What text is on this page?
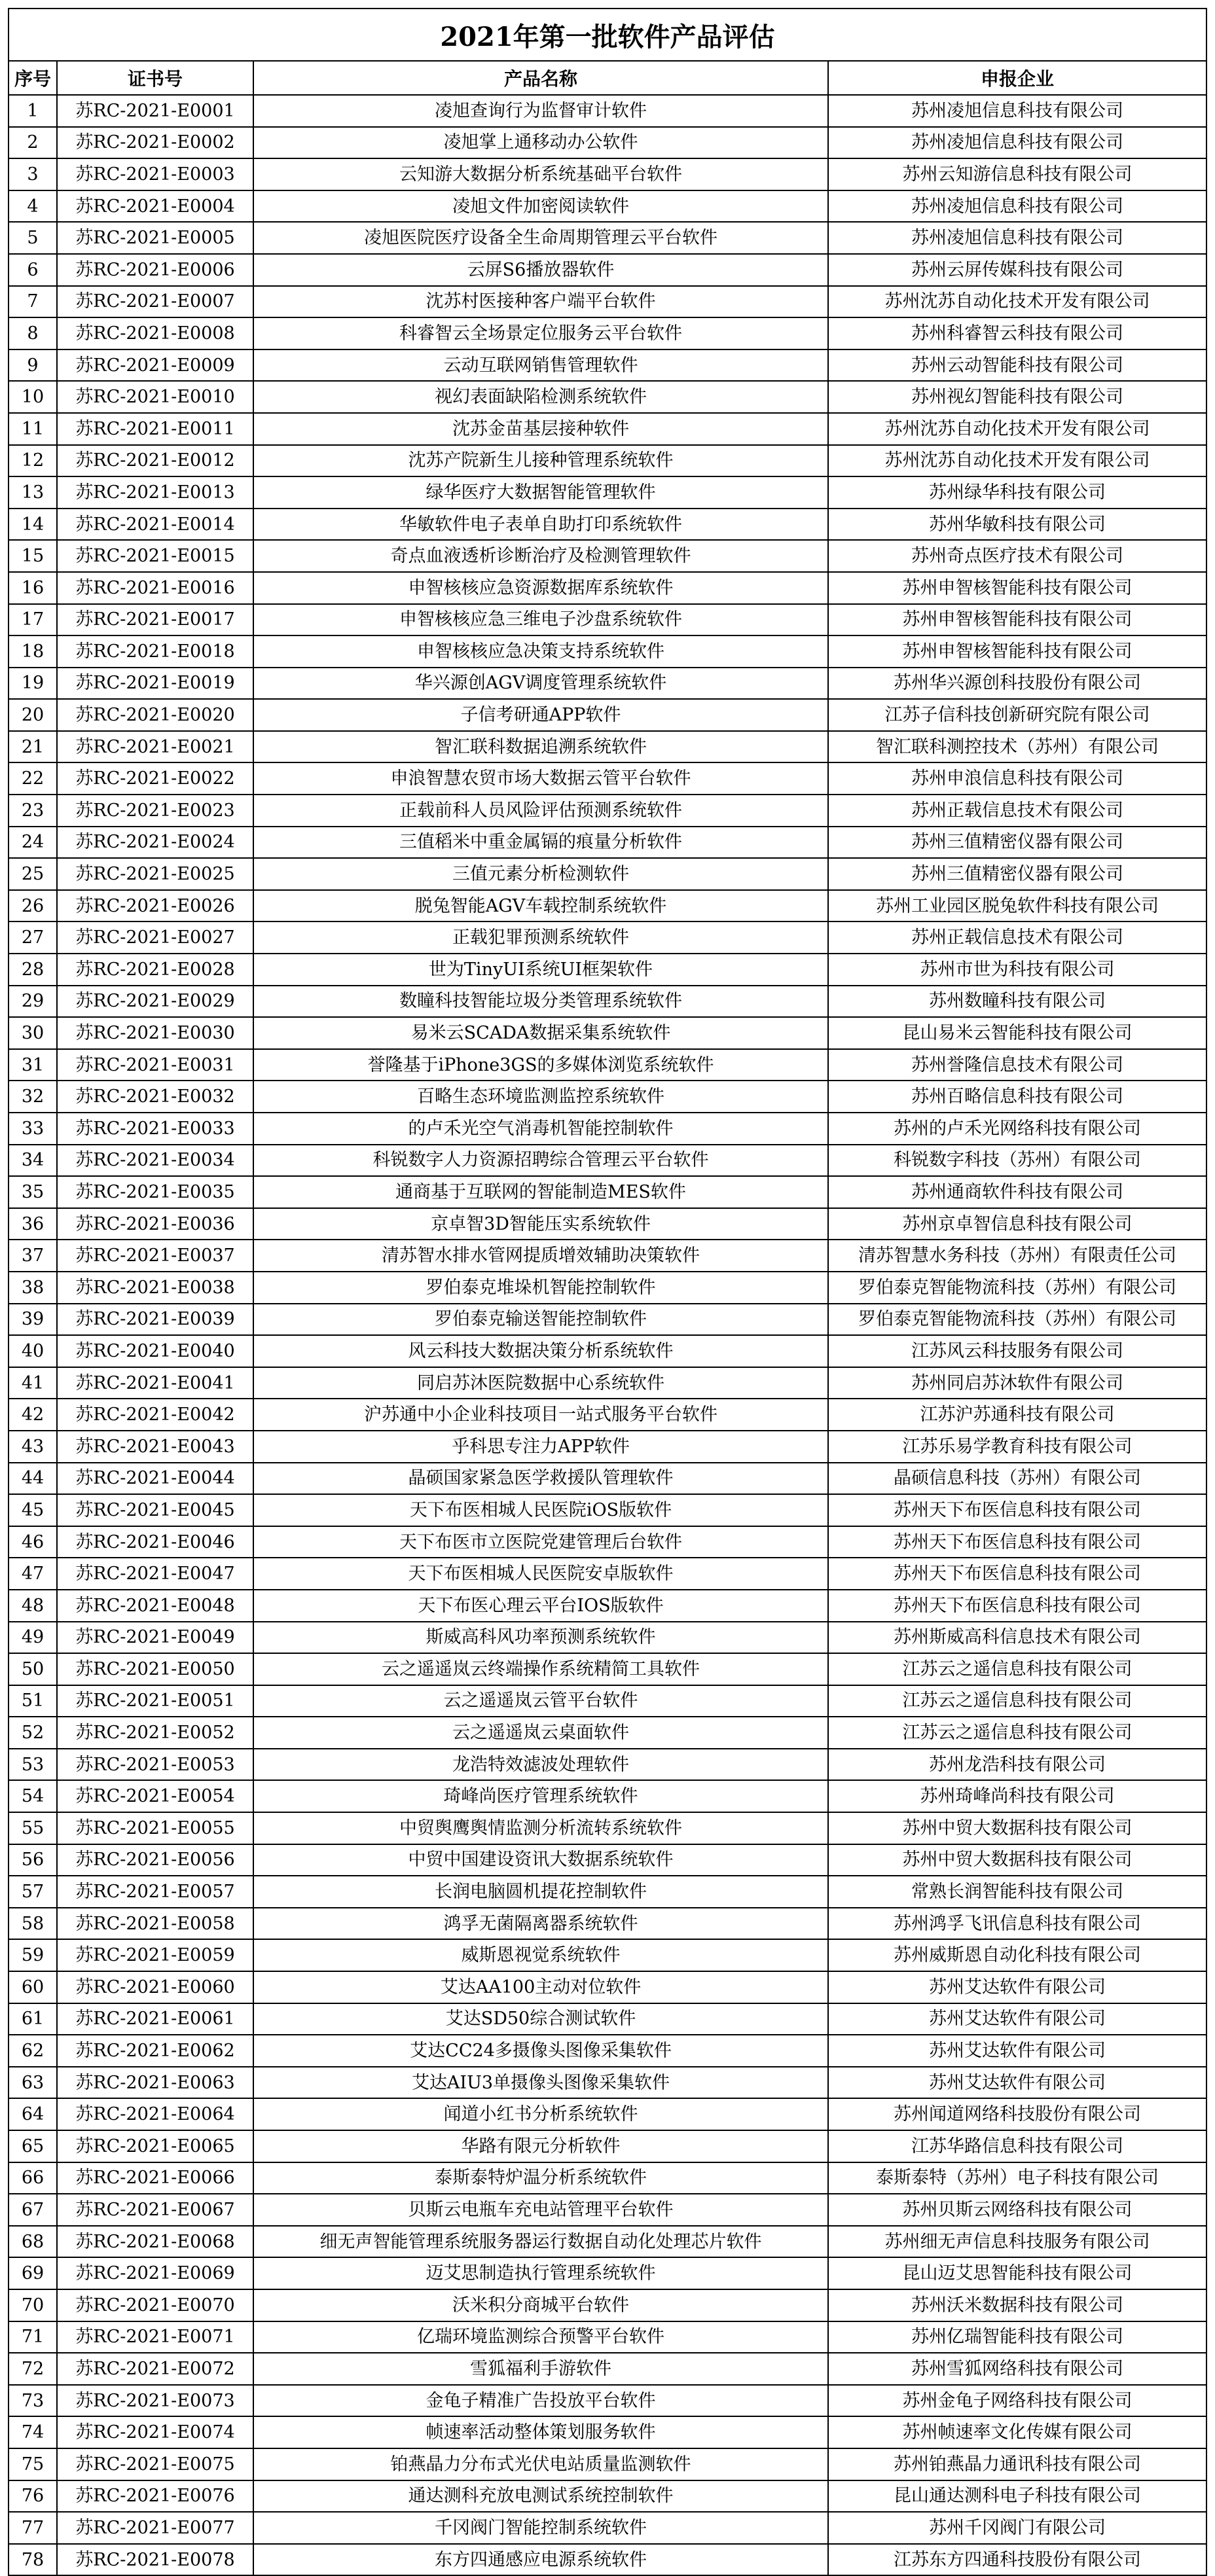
2021年第一批软件产品评估			
序号	证书号	产品名称	申报企业
1	苏RC-2021-E0001	凌旭查询行为监督审计软件	苏州凌旭信息科技有限公司
2	苏RC-2021-E0002	凌旭掌上通移动办公软件	苏州凌旭信息科技有限公司
3	苏RC-2021-E0003	云知游大数据分析系统基础平台软件	苏州云知游信息科技有限公司
4	苏RC-2021-E0004	凌旭文件加密阅读软件	苏州凌旭信息科技有限公司
5	苏RC-2021-E0005	凌旭医院医疗设备全生命周期管理云平台软件	苏州凌旭信息科技有限公司
6	苏RC-2021-E0006	云屏S6播放器软件	苏州云屏传媒科技有限公司
7	苏RC-2021-E0007	沈苏村医接种客户端平台软件	苏州沈苏自动化技术开发有限公司
8	苏RC-2021-E0008	科睿智云全场景定位服务云平台软件	苏州科睿智云科技有限公司
9	苏RC-2021-E0009	云动互联网销售管理软件	苏州云动智能科技有限公司
10	苏RC-2021-E0010	视幻表面缺陷检测系统软件	苏州视幻智能科技有限公司
11	苏RC-2021-E0011	沈苏金苗基层接种软件	苏州沈苏自动化技术开发有限公司
12	苏RC-2021-E0012	沈苏产院新生儿接种管理系统软件	苏州沈苏自动化技术开发有限公司
13	苏RC-2021-E0013	绿华医疗大数据智能管理软件	苏州绿华科技有限公司
14	苏RC-2021-E0014	华敏软件电子表单自助打印系统软件	苏州华敏科技有限公司
15	苏RC-2021-E0015	奇点血液透析诊断治疗及检测管理软件	苏州奇点医疗技术有限公司
16	苏RC-2021-E0016	申智核核应急资源数据库系统软件	苏州申智核智能科技有限公司
17	苏RC-2021-E0017	申智核核应急三维电子沙盘系统软件	苏州申智核智能科技有限公司
18	苏RC-2021-E0018	申智核核应急决策支持系统软件	苏州申智核智能科技有限公司
19	苏RC-2021-E0019	华兴源创AGV调度管理系统软件	苏州华兴源创科技股份有限公司
20	苏RC-2021-E0020	子信考研通APP软件	江苏子信科技创新研究院有限公司
21	苏RC-2021-E0021	智汇联科数据追溯系统软件	智汇联科测控技术（苏州）有限公司
22	苏RC-2021-E0022	申浪智慧农贸市场大数据云管平台软件	苏州申浪信息科技有限公司
23	苏RC-2021-E0023	正载前科人员风险评估预测系统软件	苏州正载信息技术有限公司
24	苏RC-2021-E0024	三值稻米中重金属镉的痕量分析软件	苏州三值精密仪器有限公司
25	苏RC-2021-E0025	三值元素分析检测软件	苏州三值精密仪器有限公司
26	苏RC-2021-E0026	脱兔智能AGV车载控制系统软件	苏州工业园区脱兔软件科技有限公司
27	苏RC-2021-E0027	正载犯罪预测系统软件	苏州正载信息技术有限公司
28	苏RC-2021-E0028	世为TinyUI系统UI框架软件	苏州市世为科技有限公司
29	苏RC-2021-E0029	数瞳科技智能垃圾分类管理系统软件	苏州数瞳科技有限公司
30	苏RC-2021-E0030	易米云SCADA数据采集系统软件	昆山易米云智能科技有限公司
31	苏RC-2021-E0031	誉隆基于iPhone3GS的多媒体浏览系统软件	苏州誉隆信息技术有限公司
32	苏RC-2021-E0032	百略生态环境监测监控系统软件	苏州百略信息科技有限公司
33	苏RC-2021-E0033	的卢禾光空气消毒机智能控制软件	苏州的卢禾光网络科技有限公司
34	苏RC-2021-E0034	科锐数字人力资源招聘综合管理云平台软件	科锐数字科技（苏州）有限公司
35	苏RC-2021-E0035	通商基于互联网的智能制造MES软件	苏州通商软件科技有限公司
36	苏RC-2021-E0036	京卓智3D智能压实系统软件	苏州京卓智信息科技有限公司
37	苏RC-2021-E0037	清苏智水排水管网提质增效辅助决策软件	清苏智慧水务科技（苏州）有限责任公司
38	苏RC-2021-E0038	罗伯泰克堆垛机智能控制软件	罗伯泰克智能物流科技（苏州）有限公司
39	苏RC-2021-E0039	罗伯泰克输送智能控制软件	罗伯泰克智能物流科技（苏州）有限公司
40	苏RC-2021-E0040	风云科技大数据决策分析系统软件	江苏风云科技服务有限公司
41	苏RC-2021-E0041	同启苏沐医院数据中心系统软件	苏州同启苏沐软件有限公司
42	苏RC-2021-E0042	沪苏通中小企业科技项目一站式服务平台软件	江苏沪苏通科技有限公司
43	苏RC-2021-E0043	乎科思专注力APP软件	江苏乐易学教育科技有限公司
44	苏RC-2021-E0044	晶硕国家紧急医学救援队管理软件	晶硕信息科技（苏州）有限公司
45	苏RC-2021-E0045	天下布医相城人民医院iOS版软件	苏州天下布医信息科技有限公司
46	苏RC-2021-E0046	天下布医市立医院党建管理后台软件	苏州天下布医信息科技有限公司
47	苏RC-2021-E0047	天下布医相城人民医院安卓版软件	苏州天下布医信息科技有限公司
48	苏RC-2021-E0048	天下布医心理云平台IOS版软件	苏州天下布医信息科技有限公司
49	苏RC-2021-E0049	斯威高科风功率预测系统软件	苏州斯威高科信息技术有限公司
50	苏RC-2021-E0050	云之遥遥岚云终端操作系统精简工具软件	江苏云之遥信息科技有限公司
51	苏RC-2021-E0051	云之遥遥岚云管平台软件	江苏云之遥信息科技有限公司
52	苏RC-2021-E0052	云之遥遥岚云桌面软件	江苏云之遥信息科技有限公司
53	苏RC-2021-E0053	龙浩特效滤波处理软件	苏州龙浩科技有限公司
54	苏RC-2021-E0054	琦峰尚医疗管理系统软件	苏州琦峰尚科技有限公司
55	苏RC-2021-E0055	中贸舆鹰舆情监测分析流转系统软件	苏州中贸大数据科技有限公司
56	苏RC-2021-E0056	中贸中国建设资讯大数据系统软件	苏州中贸大数据科技有限公司
57	苏RC-2021-E0057	长润电脑圆机提花控制软件	常熟长润智能科技有限公司
58	苏RC-2021-E0058	鸿孚无菌隔离器系统软件	苏州鸿孚飞讯信息科技有限公司
59	苏RC-2021-E0059	威斯恩视觉系统软件	苏州威斯恩自动化科技有限公司
60	苏RC-2021-E0060	艾达AA100主动对位软件	苏州艾达软件有限公司
61	苏RC-2021-E0061	艾达SD50综合测试软件	苏州艾达软件有限公司
62	苏RC-2021-E0062	艾达CC24多摄像头图像采集软件	苏州艾达软件有限公司
63	苏RC-2021-E0063	艾达AIU3单摄像头图像采集软件	苏州艾达软件有限公司
64	苏RC-2021-E0064	闻道小红书分析系统软件	苏州闻道网络科技股份有限公司
65	苏RC-2021-E0065	华路有限元分析软件	江苏华路信息科技有限公司
66	苏RC-2021-E0066	泰斯泰特炉温分析系统软件	泰斯泰特（苏州）电子科技有限公司
67	苏RC-2021-E0067	贝斯云电瓶车充电站管理平台软件	苏州贝斯云网络科技有限公司
68	苏RC-2021-E0068	细无声智能管理系统服务器运行数据自动化处理芯片软件	苏州细无声信息科技服务有限公司
69	苏RC-2021-E0069	迈艾思制造执行管理系统软件	昆山迈艾思智能科技有限公司
70	苏RC-2021-E0070	沃米积分商城平台软件	苏州沃米数据科技有限公司
71	苏RC-2021-E0071	亿瑞环境监测综合预警平台软件	苏州亿瑞智能科技有限公司
72	苏RC-2021-E0072	雪狐福利手游软件	苏州雪狐网络科技有限公司
73	苏RC-2021-E0073	金龟子精准广告投放平台软件	苏州金龟子网络科技有限公司
74	苏RC-2021-E0074	帧速率活动整体策划服务软件	苏州帧速率文化传媒有限公司
75	苏RC-2021-E0075	铂燕晶力分布式光伏电站质量监测软件	苏州铂燕晶力通讯科技有限公司
76	苏RC-2021-E0076	通达测科充放电测试系统控制软件	昆山通达测科电子科技有限公司
77	苏RC-2021-E0077	千冈阀门智能控制系统软件	苏州千冈阀门有限公司
78	苏RC-2021-E0078	东方四通感应电源系统软件	江苏东方四通科技股份有限公司
